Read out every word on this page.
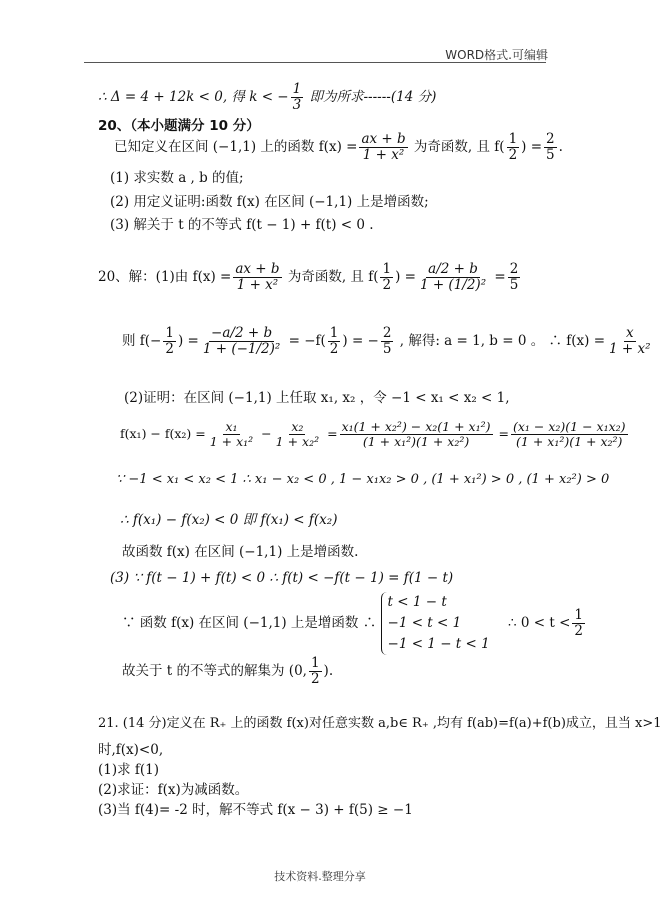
WORD格式.可编辑
∴ Δ = 4 + 12k < 0, 得 k < − $\frac{1}{3}$ 即为所求------(14 分)
20、（本小题满分 10 分）
已知定义在区间 (−1,1) 上的函数 $f(x) = \frac{ax + b}{\text{1 + x²}}$ 为奇函数, 且 $f( \frac{1}{2}$ ) = $\frac{2}{5}$ .
(1) 求实数 a , b 的值;
(2) 用定义证明:函数 f(x) 在区间 (−1,1) 上是增函数;
(3) 解关于 t 的不等式 f(t − 1) + f(t) < 0 .
20、解：(1)由 $f(x) = \frac{ax + b}{\text{1 + x²}}$ 为奇函数, 且 $f( \frac{1}{2}$ ) = $\frac{a/2 + b}{\text{1 + (1/2)²}} = \frac{2}{5}$
则 $f(- \frac{1}{2}$ ) = $\frac{-a/2 + b}{\text{1 + (−1/2)²}} = -f( \frac{1}{2}$ ) = − $\frac{2}{5}$ , 解得: a = 1, b = 0 。 ∴ $f(x) = \frac{x}{\text{1 + x²}}$
(2)证明：在区间 (−1,1) 上任取 x₁, x₂ ，令 −1 < x₁ < x₂ < 1,
$f(x_1) - f(x_2) = \frac{\text{x₁}}{\text{1 + x₁²}} - \frac{\text{x₂}}{\text{1 + x₂²}} = \frac{\text{x₁(1 + x₂²) − x₂(1 + x₁²)}}{\text{(1 + x₁²)(1 + x₂²)}} = \frac{\text{(x₁ − x₂)(1 − x₁x₂)}}{\text{(1 + x₁²)(1 + x₂²)}}$
∵ −1 < x₁ < x₂ < 1 ∴ x₁ − x₂ < 0 , 1 − x₁x₂ > 0 , (1 + x₁²) > 0 , (1 + x₂²) > 0
∴ f(x₁) − f(x₂) < 0 即 f(x₁) < f(x₂)
故函数 f(x) 在区间 (−1,1) 上是增函数.
(3) ∵ f(t − 1) + f(t) < 0 ∴ f(t) < −f(t − 1) = f(1 − t)
∵ 函数 f(x) 在区间 (−1,1) 上是增函数 ∴ t < 1 − t
−1 < t < 1
−1 < 1 − t < 1 ∴ $0 < t < \frac{1}{2}$
故关于 t 的不等式的解集为 (0, $\frac{1}{2}$ ).
21. (14 分)定义在 R₊ 上的函数 f(x)对任意实数 a,b∈ R₊ ,均有 f(ab)=f(a)+f(b)成立，且当 x>1
时,f(x)<0,
(1)求 f(1)
(2)求证：f(x)为减函数。
(3)当 f(4)= -2 时，解不等式 f(x − 3) + f(5) ≥ −1
技术资料.整理分享
